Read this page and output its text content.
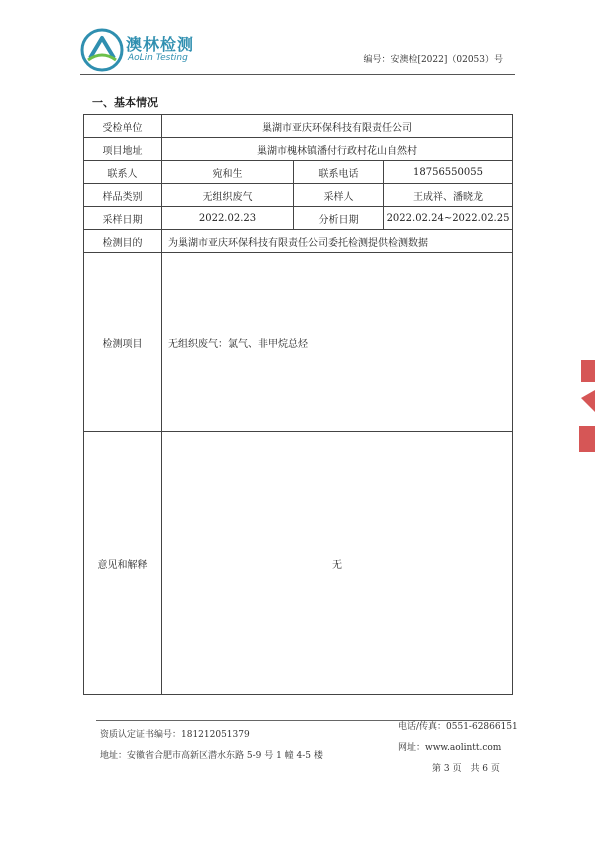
澳林检测
AoLin Testing	编号：安澳检[2022]（02053）号
一、基本情况
受检单位	巢湖市亚庆环保科技有限责任公司		
项目地址	巢湖市槐林镇潘付行政村花山自然村		
联系人	宛和生	联系电话	18756550055
样品类别	无组织废气	采样人	王成祥、潘晓龙
采样日期	2022.02.23	分析日期	2022.02.24~2022.02.25
检测目的	为巢湖市亚庆环保科技有限责任公司委托检测提供检测数据		
检测项目	无组织废气：氯气、非甲烷总烃		
意见和解释	无		
资质认定证书编号：181212051379
电话/传真：0551-62866151
地址：安徽省合肥市高新区潜水东路 5-9 号 1 幢 4-5 楼
网址：www.aolintt.com
第 3 页　共 6 页
